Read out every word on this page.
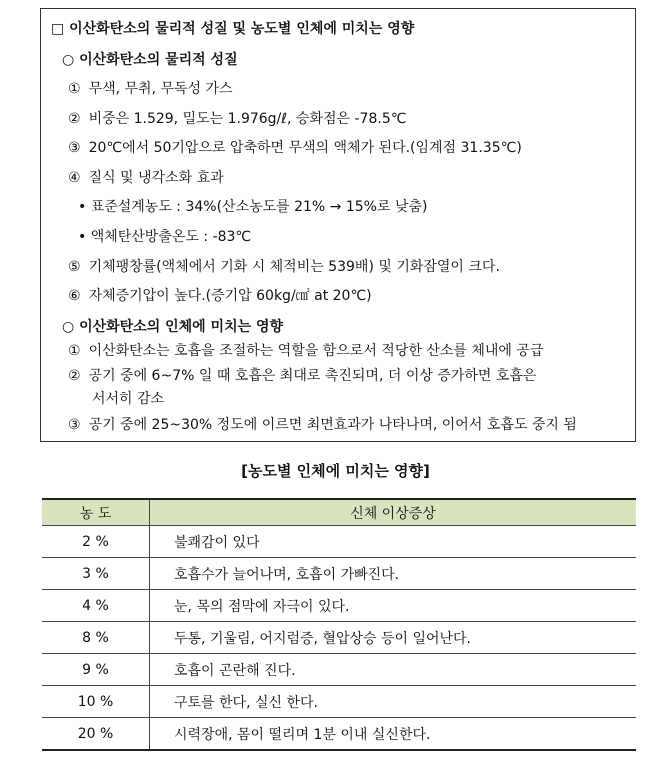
□ 이산화탄소의 물리적 성질 및 농도별 인체에 미치는 영향
○ 이산화탄소의 물리적 성질
① 무색, 무취, 무독성 가스
② 비중은 1.529, 밀도는 1.976g/ℓ, 승화점은 -78.5℃
③ 20℃에서 50기압으로 압축하면 무색의 액체가 된다.(임계점 31.35℃)
④ 질식 및 냉각소화 효과
• 표준설계농도 : 34%(산소농도를 21% → 15%로 낮춤)
• 액체탄산방출온도 : -83℃
⑤ 기체팽창률(액체에서 기화 시 체적비는 539배) 및 기화잠열이 크다.
⑥ 자체증기압이 높다.(증기압 60kg/㎠ at 20℃)
○ 이산화탄소의 인체에 미치는 영향
① 이산화탄소는 호흡을 조절하는 역할을 함으로서 적당한 산소를 체내에 공급
② 공기 중에 6~7% 일 때 호흡은 최대로 촉진되며, 더 이상 증가하면 호흡은
서서히 감소
③ 공기 중에 25~30% 정도에 이르면 최면효과가 나타나며, 이어서 호흡도 중지 됨
[농도별 인체에 미치는 영향]
농 도	신체 이상증상
2 %	불쾌감이 있다
3 %	호흡수가 늘어나며, 호흡이 가빠진다.
4 %	눈, 목의 점막에 자극이 있다.
8 %	두통, 기울림, 어지럼증, 혈압상승 등이 일어난다.
9 %	호흡이 곤란해 진다.
10 %	구토를 한다, 실신 한다.
20 %	시력장애, 몸이 떨리며 1분 이내 실신한다.
